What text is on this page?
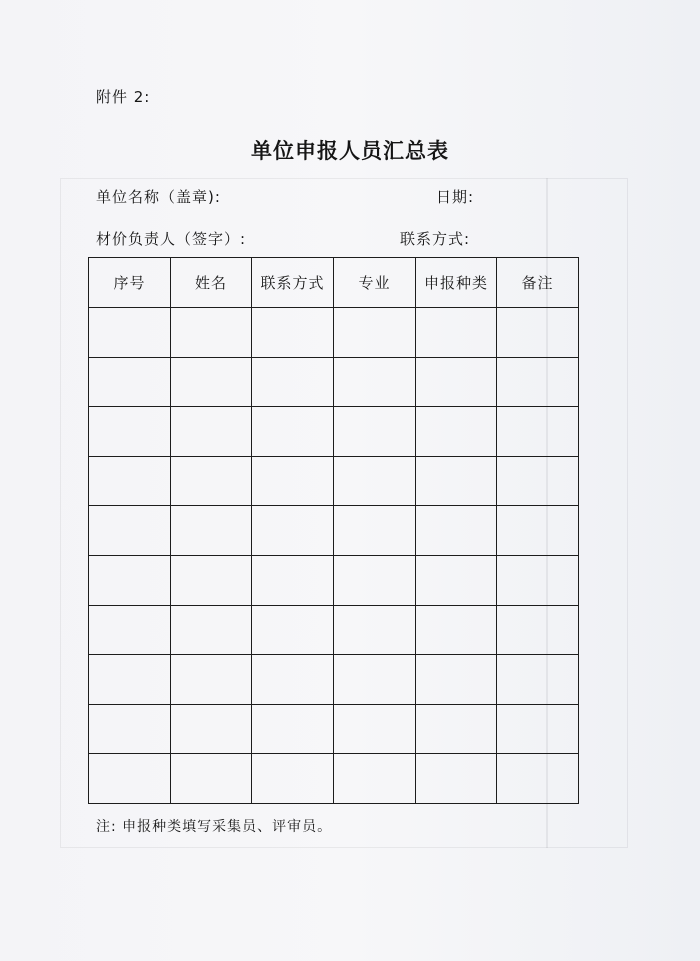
附件 2:
单位申报人员汇总表
单位名称（盖章):	日期:
材价负责人（签字）:	联系方式:
序号	姓名	联系方式	专业	申报种类	备注

注: 申报种类填写采集员、评审员。
